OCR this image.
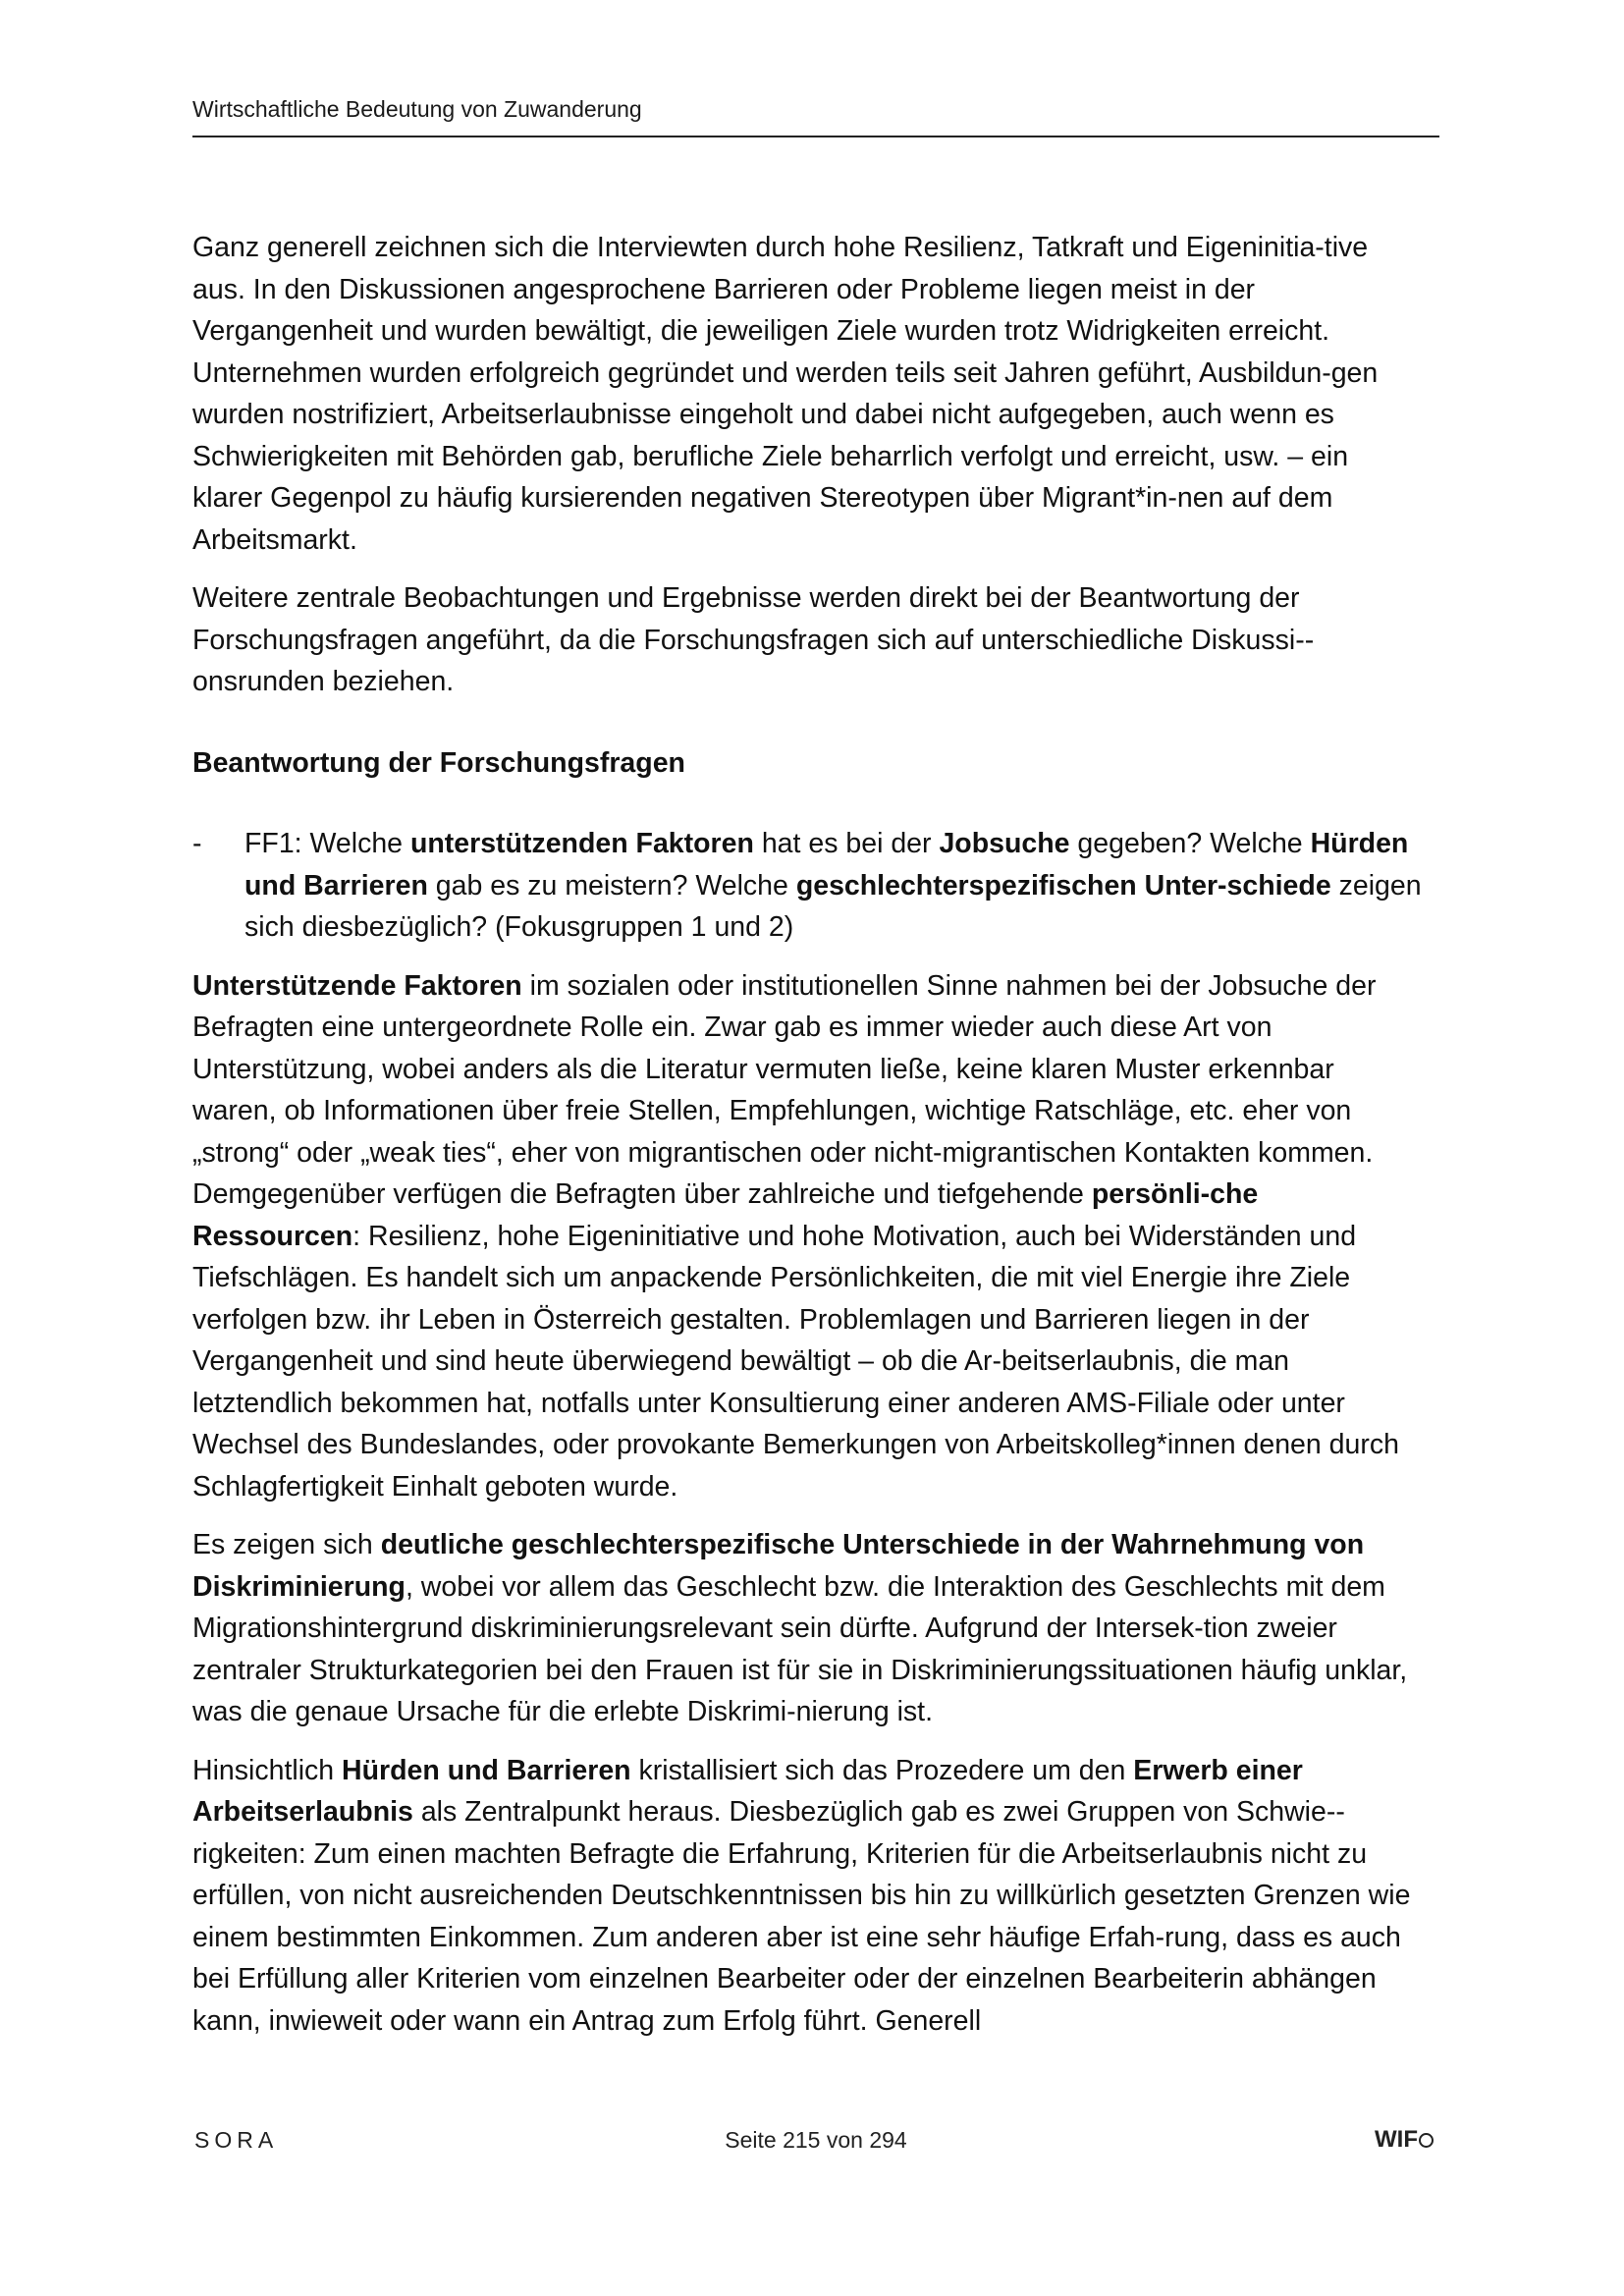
Wirtschaftliche Bedeutung von Zuwanderung

Ganz generell zeichnen sich die Interviewten durch hohe Resilienz, Tatkraft und Eigeninitia-tive aus. In den Diskussionen angesprochene Barrieren oder Probleme liegen meist in der Vergangenheit und wurden bewältigt, die jeweiligen Ziele wurden trotz Widrigkeiten erreicht. Unternehmen wurden erfolgreich gegründet und werden teils seit Jahren geführt, Ausbildun-gen wurden nostrifiziert, Arbeitserlaubnisse eingeholt und dabei nicht aufgegeben, auch wenn es Schwierigkeiten mit Behörden gab, berufliche Ziele beharrlich verfolgt und erreicht, usw. – ein klarer Gegenpol zu häufig kursierenden negativen Stereotypen über Migrant*in-nen auf dem Arbeitsmarkt.

Weitere zentrale Beobachtungen und Ergebnisse werden direkt bei der Beantwortung der Forschungsfragen angeführt, da die Forschungsfragen sich auf unterschiedliche Diskussi-onsrunden beziehen.

Beantwortung der Forschungsfragen

-	FF1: Welche unterstützenden Faktoren hat es bei der Jobsuche gegeben? Welche Hürden und Barrieren gab es zu meistern? Welche geschlechterspezifischen Unter-schiede zeigen sich diesbezüglich? (Fokusgruppen 1 und 2)

Unterstützende Faktoren im sozialen oder institutionellen Sinne nahmen bei der Jobsuche der Befragten eine untergeordnete Rolle ein. Zwar gab es immer wieder auch diese Art von Unterstützung, wobei anders als die Literatur vermuten ließe, keine klaren Muster erkennbar waren, ob Informationen über freie Stellen, Empfehlungen, wichtige Ratschläge, etc. eher von „strong“ oder „weak ties“, eher von migrantischen oder nicht-migrantischen Kontakten kommen. Demgegenüber verfügen die Befragten über zahlreiche und tiefgehende persönli-che Ressourcen: Resilienz, hohe Eigeninitiative und hohe Motivation, auch bei Widerständen und Tiefschlägen. Es handelt sich um anpackende Persönlichkeiten, die mit viel Energie ihre Ziele verfolgen bzw. ihr Leben in Österreich gestalten. Problemlagen und Barrieren liegen in der Vergangenheit und sind heute überwiegend bewältigt – ob die Ar-beitserlaubnis, die man letztendlich bekommen hat, notfalls unter Konsultierung einer anderen AMS-Filiale oder unter Wechsel des Bundeslandes, oder provokante Bemerkungen von Arbeitskolleg*innen denen durch Schlagfertigkeit Einhalt geboten wurde.

Es zeigen sich deutliche geschlechterspezifische Unterschiede in der Wahrnehmung von Diskriminierung, wobei vor allem das Geschlecht bzw. die Interaktion des Geschlechts mit dem Migrationshintergrund diskriminierungsrelevant sein dürfte. Aufgrund der Intersek-tion zweier zentraler Strukturkategorien bei den Frauen ist für sie in Diskriminierungssituationen häufig unklar, was die genaue Ursache für die erlebte Diskrimi-nierung ist.

Hinsichtlich Hürden und Barrieren kristallisiert sich das Prozedere um den Erwerb einer Arbeitserlaubnis als Zentralpunkt heraus. Diesbezüglich gab es zwei Gruppen von Schwie-rigkeiten: Zum einen machten Befragte die Erfahrung, Kriterien für die Arbeitserlaubnis nicht zu erfüllen, von nicht ausreichenden Deutschkenntnissen bis hin zu willkürlich gesetzten Grenzen wie einem bestimmten Einkommen. Zum anderen aber ist eine sehr häufige Erfah-rung, dass es auch bei Erfüllung aller Kriterien vom einzelnen Bearbeiter oder der einzelnen Bearbeiterin abhängen kann, inwieweit oder wann ein Antrag zum Erfolg führt. Generell

SORA	Seite 215 von 294	WIF
